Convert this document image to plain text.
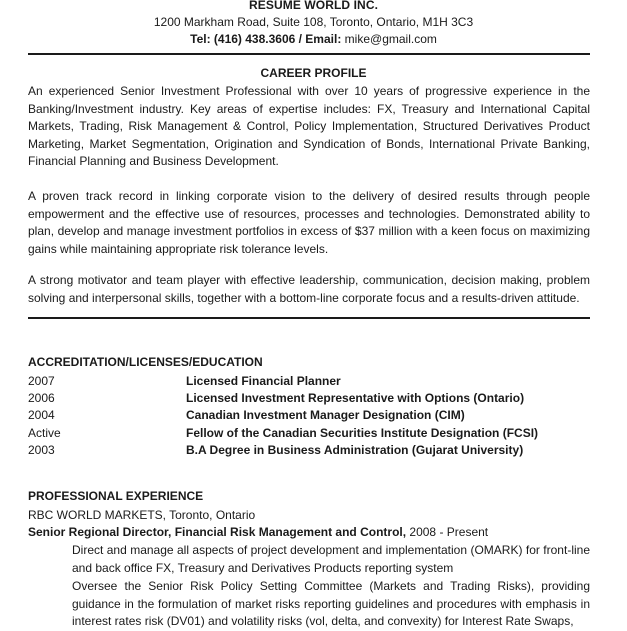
RESUME WORLD INC.
1200 Markham Road, Suite 108, Toronto, Ontario, M1H 3C3
Tel: (416) 438.3606 / Email: mike@gmail.com
CAREER PROFILE

An experienced Senior Investment Professional with over 10 years of progressive experience in the Banking/Investment industry. Key areas of expertise includes: FX, Treasury and International Capital Markets, Trading, Risk Management & Control, Policy Implementation, Structured Derivatives Product Marketing, Market Segmentation, Origination and Syndication of Bonds, International Private Banking, Financial Planning and Business Development.

A proven track record in linking corporate vision to the delivery of desired results through people empowerment and the effective use of resources, processes and technologies. Demonstrated ability to plan, develop and manage investment portfolios in excess of $37 million with a keen focus on maximizing gains while maintaining appropriate risk tolerance levels.

A strong motivator and team player with effective leadership, communication, decision making, problem solving and interpersonal skills, together with a bottom-line corporate focus and a results-driven attitude.

ACCREDITATION/LICENSES/EDUCATION
2007	Licensed Financial Planner
2006	Licensed Investment Representative with Options (Ontario)
2004	Canadian Investment Manager Designation (CIM)
Active	Fellow of the Canadian Securities Institute Designation (FCSI)
2003	B.A Degree in Business Administration (Gujarat University)
PROFESSIONAL EXPERIENCE
RBC WORLD MARKETS, Toronto, Ontario
Senior Regional Director, Financial Risk Management and Control, 2008 - Present

Direct and manage all aspects of project development and implementation (OMARK) for front-line and back office FX, Treasury and Derivatives Products reporting system

Oversee the Senior Risk Policy Setting Committee (Markets and Trading Risks), providing guidance in the formulation of market risks reporting guidelines and procedures with emphasis in interest rates risk (DV01) and volatility risks (vol, delta, and convexity) for Interest Rate Swaps,
